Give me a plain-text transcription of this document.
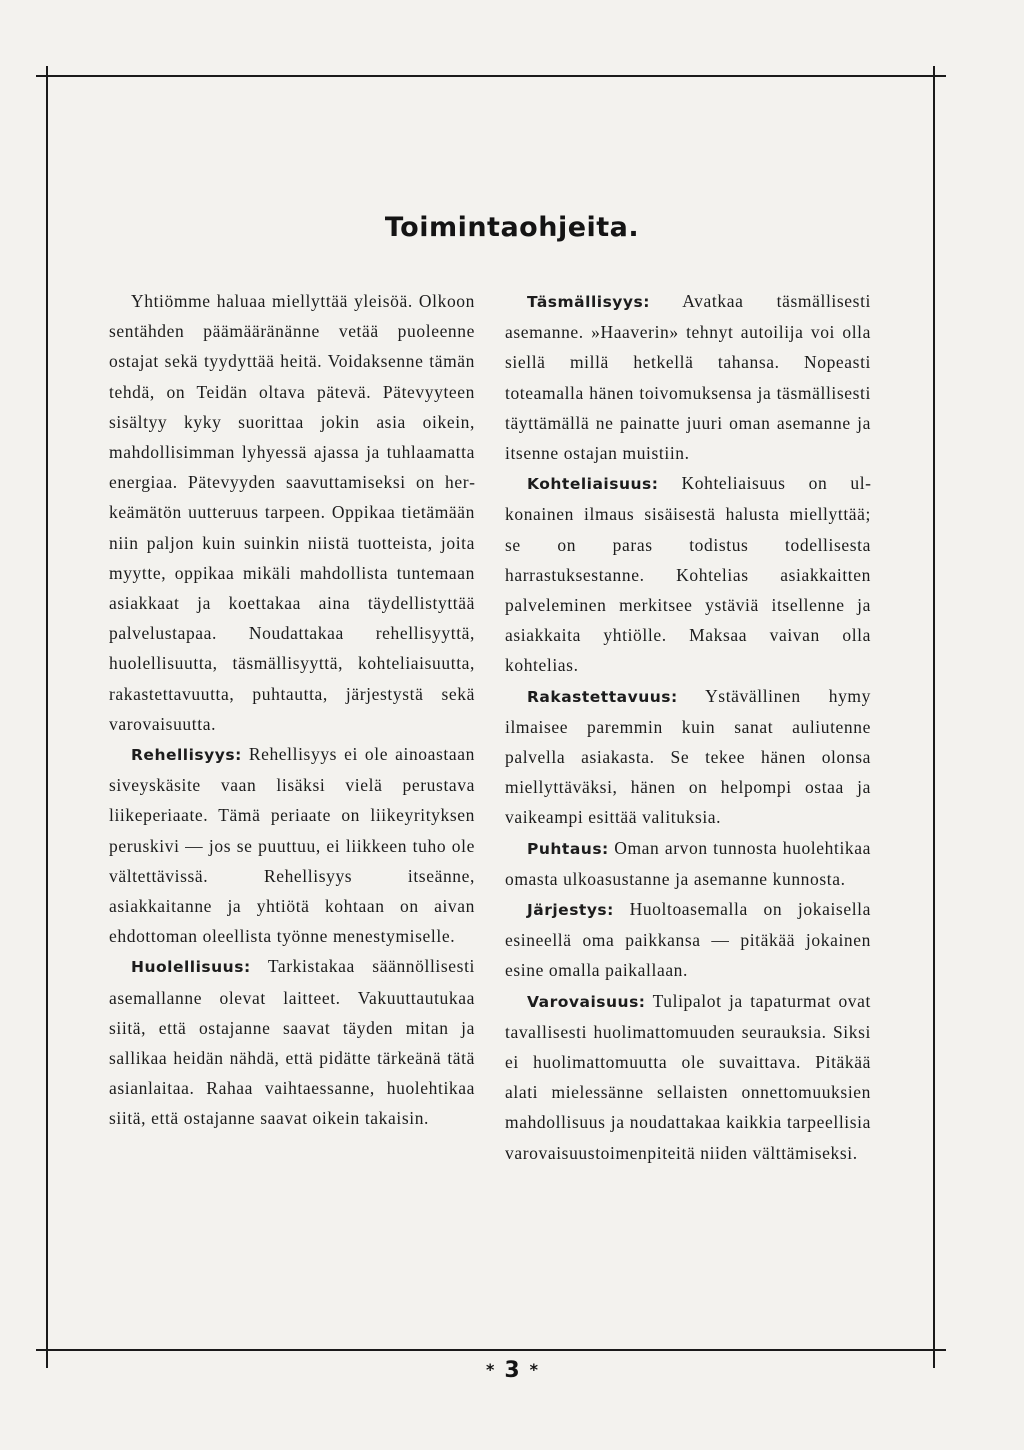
Toimintaohjeita.

Yhtiömme haluaa miellyttää yleisöä. Olkoon sentähden päämääränänne vetää puoleenne ostajat sekä tyydyttää heitä. Voidaksenne tämän tehdä, on Teidän oltava pätevä. Pätevyyteen sisältyy kyky suorittaa jokin asia oikein, mahdollisimman lyhyessä ajassa ja tuhlaamatta energiaa. Pätevyyden saavuttamiseksi on herkeämätön uutteruus tarpeen. Oppikaa tietämään niin paljon kuin suinkin niistä tuotteista, joita myytte, oppikaa mikäli mahdollista tuntemaan asiakkaat ja koettakaa aina täydellistyttää palvelustapaa. Noudattakaa rehellisyyttä, huolellisuutta, täsmällisyyttä, kohteliaisuutta, rakastettavuutta, puhtautta, järjestystä sekä varovaisuutta.

Rehellisyys: Rehellisyys ei ole ainoastaan siveyskäsite vaan lisäksi vielä perustava liikeperiaate. Tämä periaate on liikeyrityksen peruskivi — jos se puuttuu, ei liikkeen tuho ole vältettävissä. Rehellisyys itseänne, asiakkaitanne ja yhtiötä kohtaan on aivan ehdottoman oleellista työnne menestymiselle.

Huolellisuus: Tarkistakaa säännöllisesti asemallanne olevat laitteet. Vakuuttautukaa siitä, että ostajanne saavat täyden mitan ja sallikaa heidän nähdä, että pidätte tärkeänä tätä asianlaitaa. Rahaa vaihtaessanne, huolehtikaa siitä, että ostajanne saavat oikein takaisin.

Täsmällisyys: Avatkaa täsmällisesti asemanne. »Haaverin» tehnyt autoilija voi olla siellä millä hetkellä tahansa. Nopeasti toteamalla hänen toivomuksensa ja täsmällisesti täyttämällä ne painatte juuri oman asemanne ja itsenne ostajan muistiin.

Kohteliaisuus: Kohteliaisuus on ulkonainen ilmaus sisäisestä halusta miellyttää; se on paras todistus todellisesta harrastuksestanne. Kohtelias asiakkaitten palveleminen merkitsee ystäviä itsellenne ja asiakkaita yhtiölle. Maksaa vaivan olla kohtelias.

Rakastettavuus: Ystävällinen hymy ilmaisee paremmin kuin sanat auliutenne palvella asiakasta. Se tekee hänen olonsa miellyttäväksi, hänen on helpompi ostaa ja vaikeampi esittää valituksia.

Puhtaus: Oman arvon tunnosta huolehtikaa omasta ulkoasustanne ja asemanne kunnosta.

Järjestys: Huoltoasemalla on jokaisella esineellä oma paikkansa — pitäkää jokainen esine omalla paikallaan.

Varovaisuus: Tulipalot ja tapaturmat ovat tavallisesti huolimattomuuden seurauksia. Siksi ei huolimattomuutta ole suvaittava. Pitäkää alati mielessänne sellaisten onnettomuuksien mahdollisuus ja noudattakaa kaikkia tarpeellisia varovaisuustoimenpiteitä niiden välttämiseksi.

* 3 *
